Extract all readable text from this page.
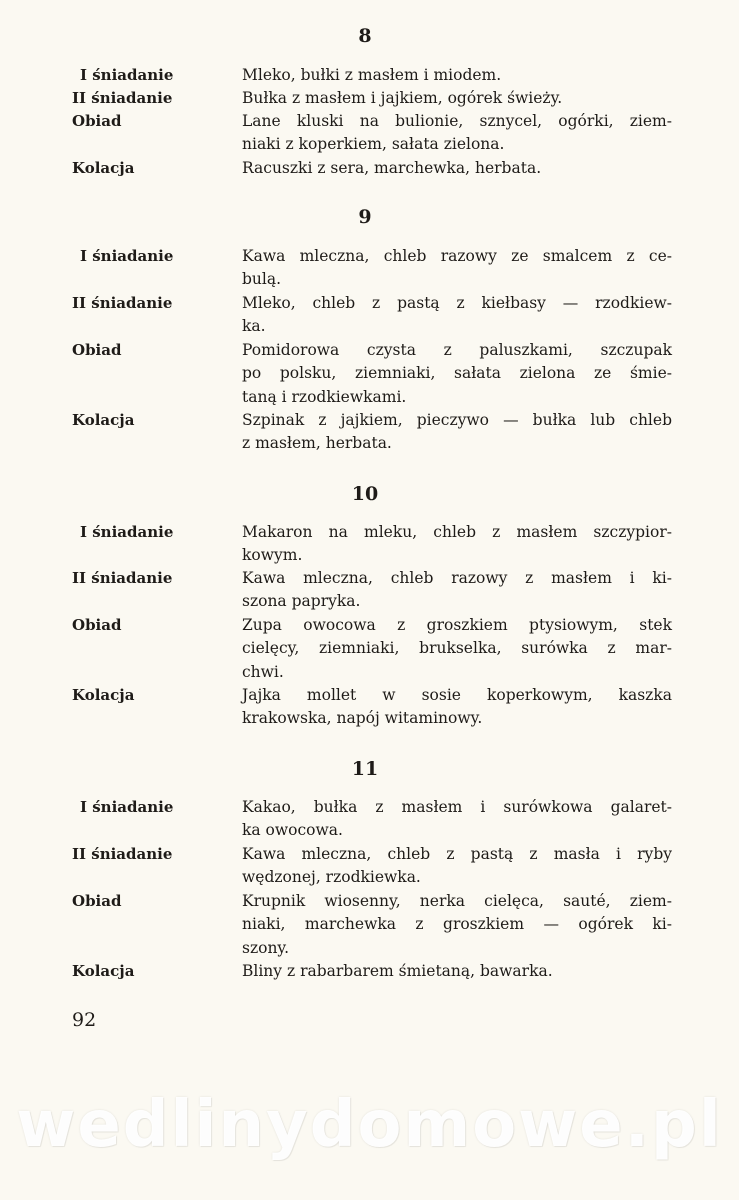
8
I śniadanie	Mleko, bułki z masłem i miodem.
II śniadanie	Bułka z masłem i jajkiem, ogórek świeży.
Obiad	Lane kluski na bulionie, sznycel, ogórki, ziem-
niaki z koperkiem, sałata zielona.
Kolacja	Racuszki z sera, marchewka, herbata.
9
I śniadanie	Kawa mleczna, chleb razowy ze smalcem z ce-
bulą.
II śniadanie	Mleko, chleb z pastą z kiełbasy — rzodkiew-
ka.
Obiad	Pomidorowa czysta z paluszkami, szczupak
po polsku, ziemniaki, sałata zielona ze śmie-
taną i rzodkiewkami.
Kolacja	Szpinak z jajkiem, pieczywo — bułka lub chleb
z masłem, herbata.
10
I śniadanie	Makaron na mleku, chleb z masłem szczypior-
kowym.
II śniadanie	Kawa mleczna, chleb razowy z masłem i ki-
szona papryka.
Obiad	Zupa owocowa z groszkiem ptysiowym, stek
cielęcy, ziemniaki, brukselka, surówka z mar-
chwi.
Kolacja	Jajka mollet w sosie koperkowym, kaszka
krakowska, napój witaminowy.
11
I śniadanie	Kakao, bułka z masłem i surówkowa galaret-
ka owocowa.
II śniadanie	Kawa mleczna, chleb z pastą z masła i ryby
wędzonej, rzodkiewka.
Obiad	Krupnik wiosenny, nerka cielęca, sauté, ziem-
niaki, marchewka z groszkiem — ogórek ki-
szony.
Kolacja	Bliny z rabarbarem śmietaną, bawarka.
92
wedlinydomowe.pl
